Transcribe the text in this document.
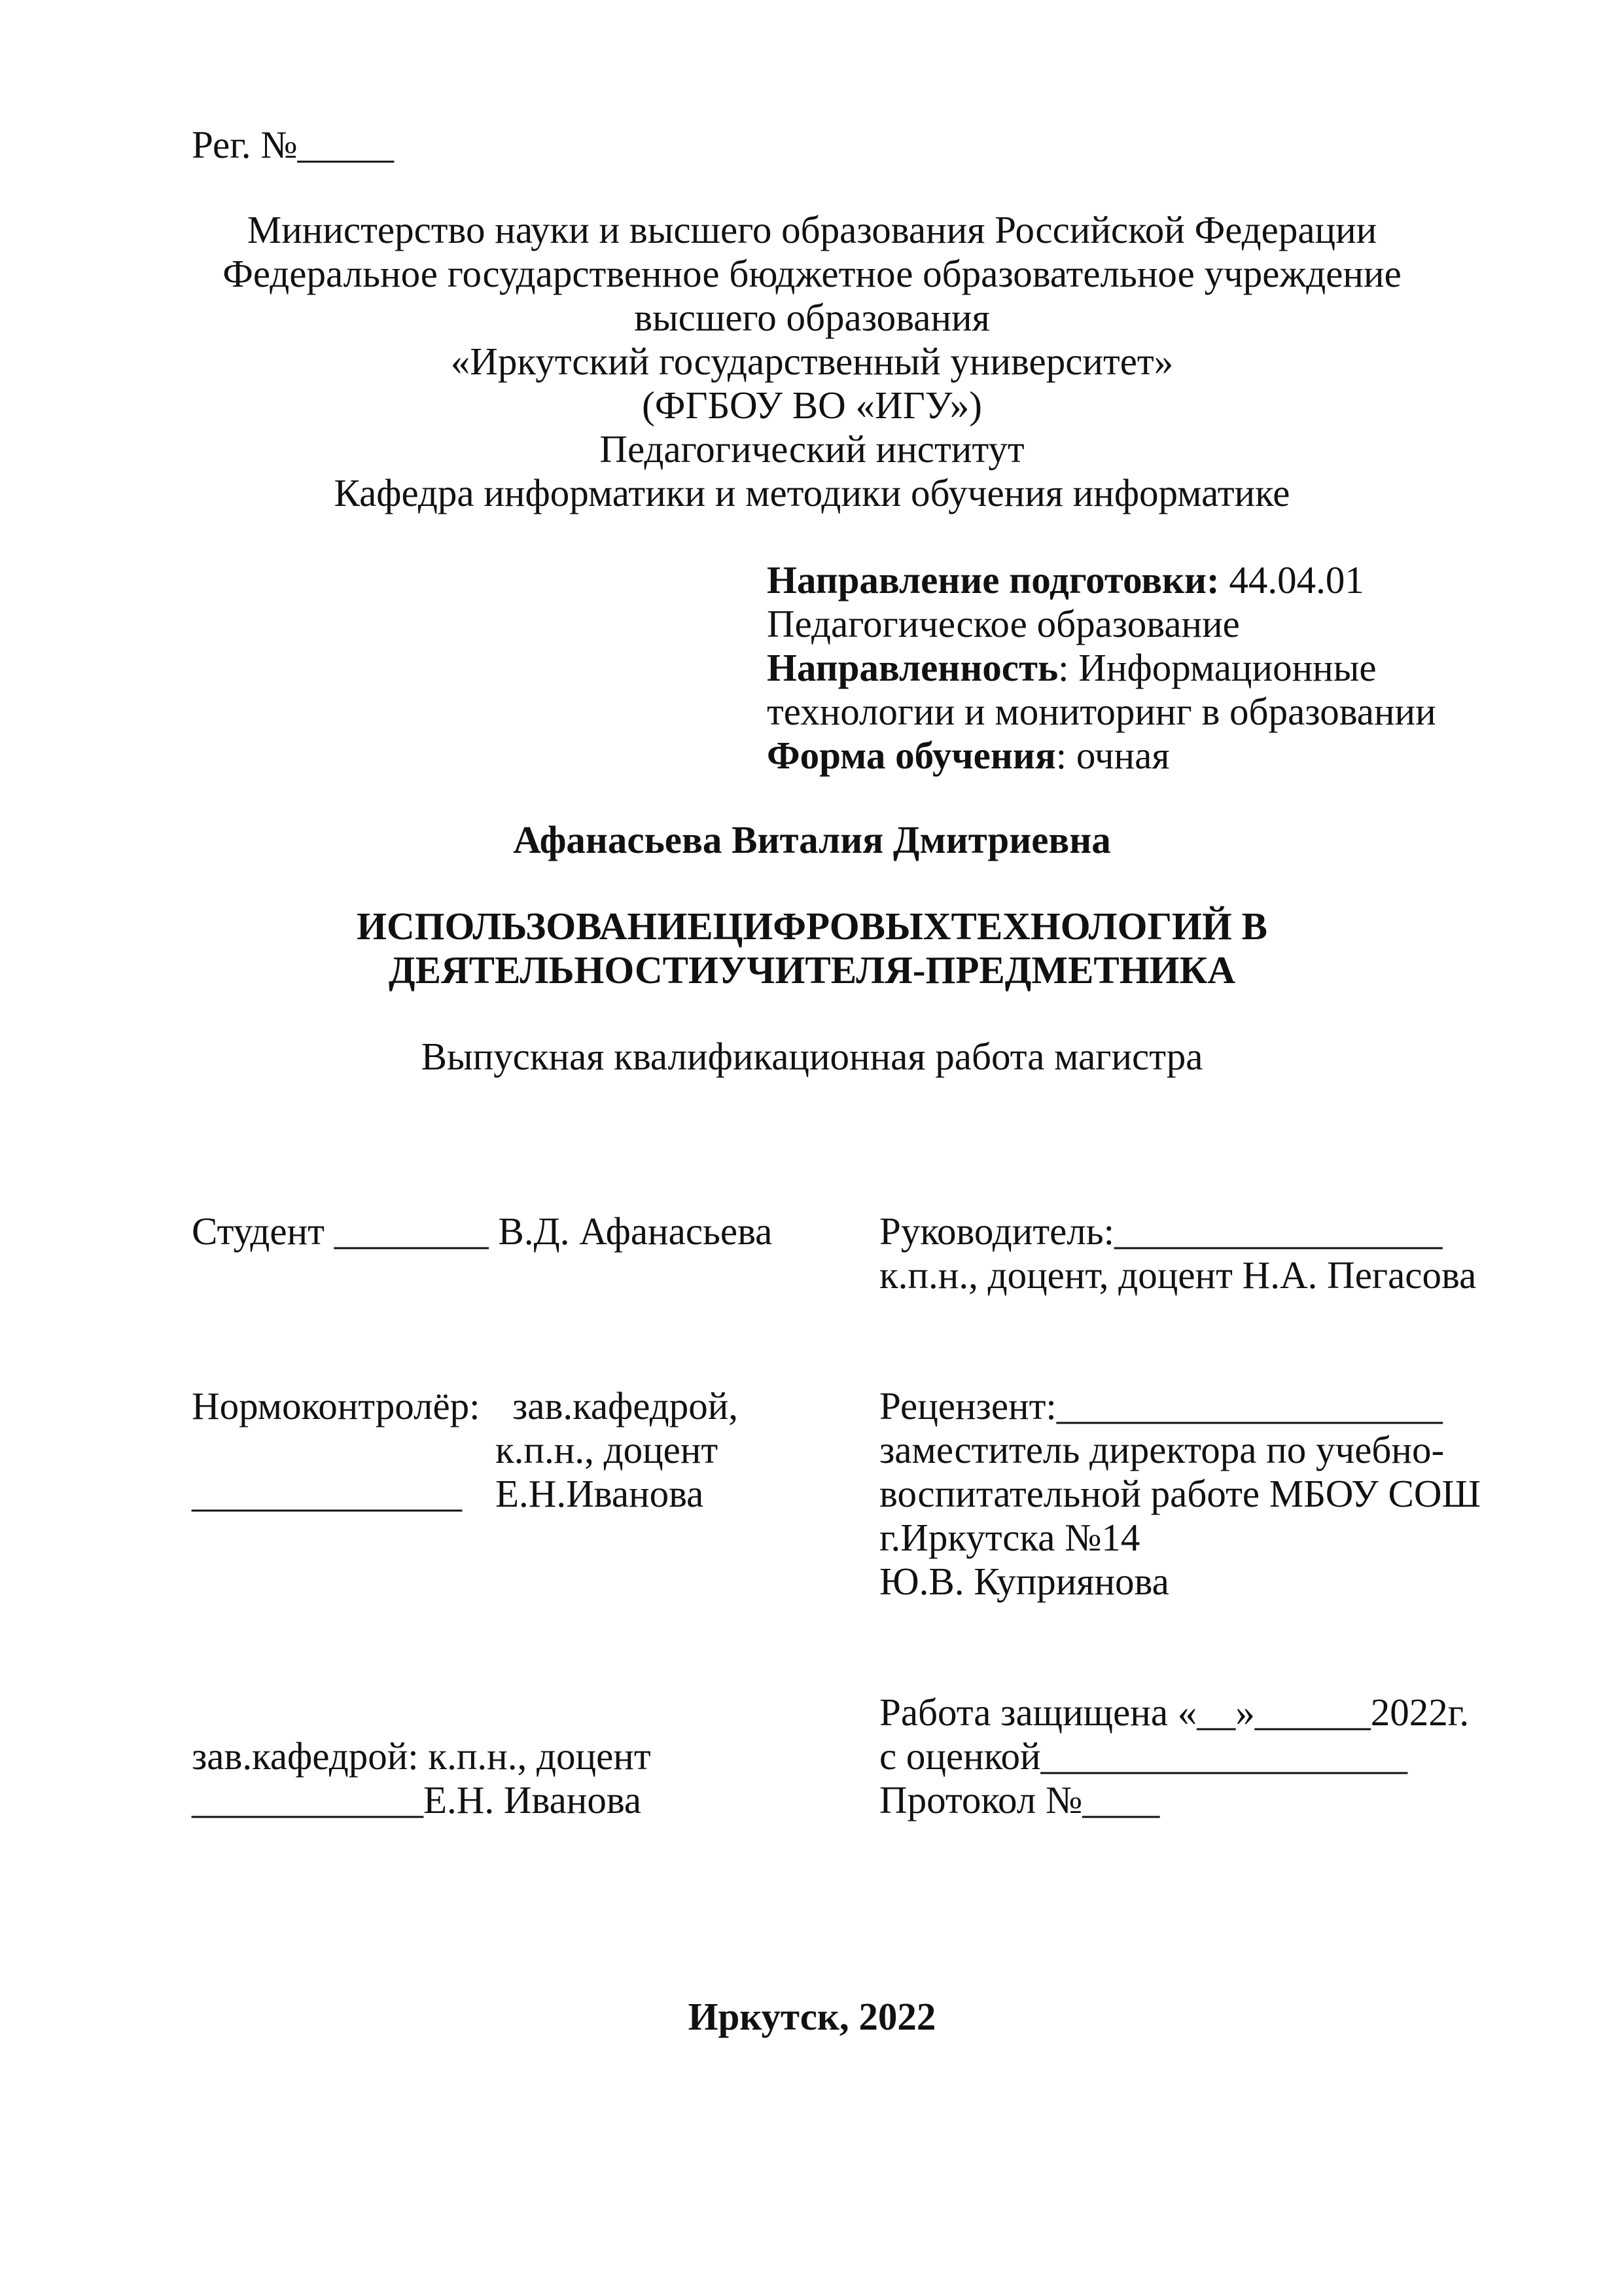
Рег. №_____
Министерство науки и высшего образования Российской Федерации
Федеральное государственное бюджетное образовательное учреждение
высшего образования
«Иркутский государственный университет»
(ФГБОУ ВО «ИГУ»)
Педагогический институт
Кафедра информатики и методики обучения информатике
Направление подготовки: 44.04.01
Педагогическое образование
Направленность: Информационные
технологии и мониторинг в образовании
Форма обучения: очная
Афанасьева Виталия Дмитриевна
ИСПОЛЬЗОВАНИЕЦИФРОВЫХТЕХНОЛОГИЙ В
ДЕЯТЕЛЬНОСТИУЧИТЕЛЯ-ПРЕДМЕТНИКА
Выпускная квалификационная работа магистра
Студент ________ В.Д. Афанасьева	Руководитель:_________________
к.п.н., доцент, доцент Н.А. Пегасова
Нормоконтролёр: зав.кафедрой,
к.п.н., доцент
______________ Е.Н.Иванова
Рецензент:____________________
заместитель директора по учебно-
воспитательной работе МБОУ СОШ
г.Иркутска №14
Ю.В. Куприянова
Работа защищена «__»______2022г.
с оценкой___________________
Протокол №____
зав.кафедрой: к.п.н., доцент
____________Е.Н. Иванова
Иркутск, 2022
